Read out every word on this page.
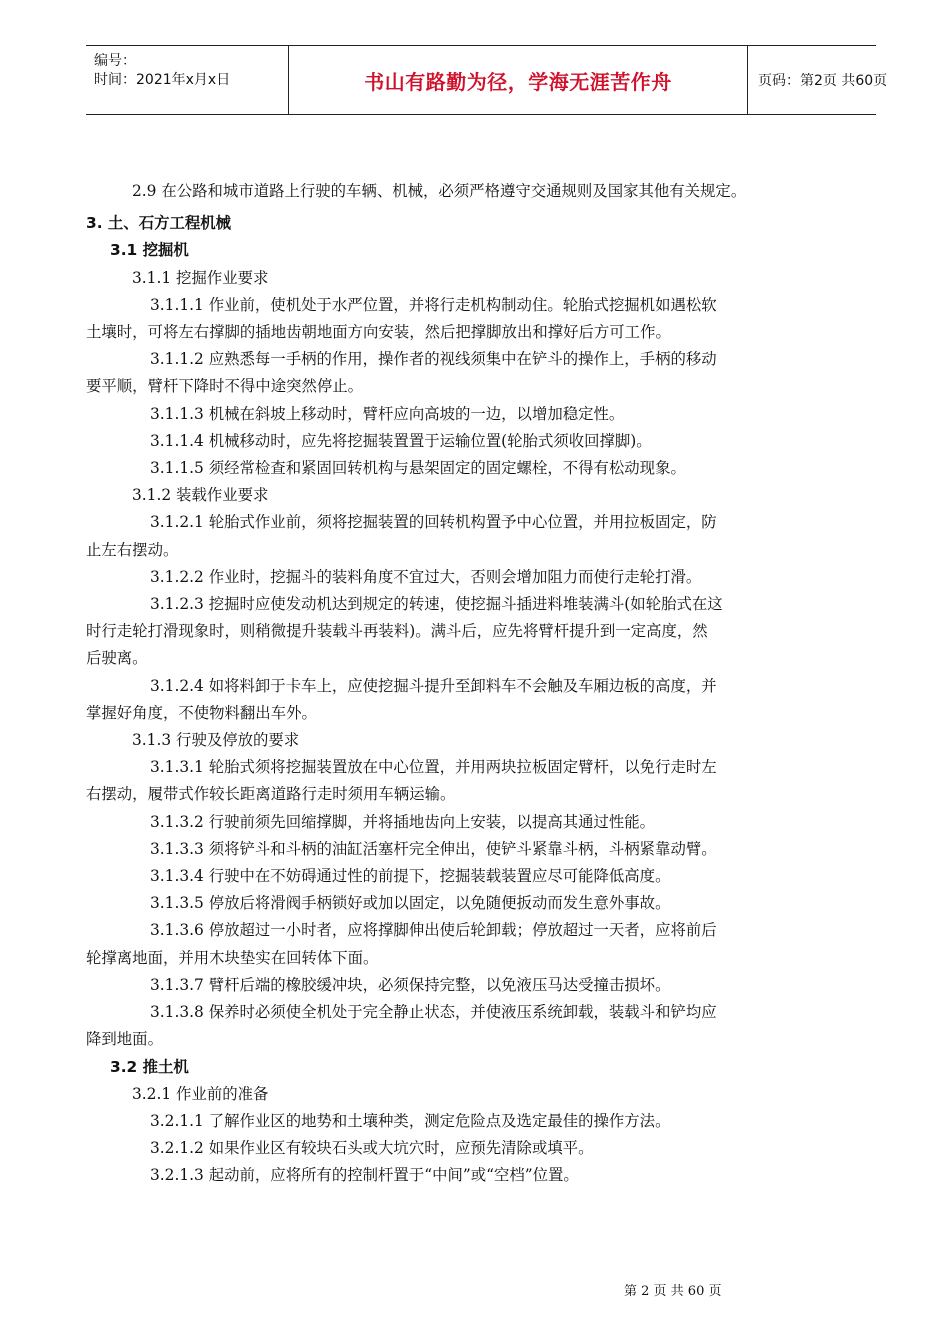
编号：
时间：2021年x月x日	书山有路勤为径，学海无涯苦作舟	页码：第2页 共60页
2.9 在公路和城市道路上行驶的车辆、机械，必须严格遵守交通规则及国家其他有关规定。
3. 土、石方工程机械
3.1 挖掘机
3.1.1 挖掘作业要求
3.1.1.1 作业前，使机处于水严位置，并将行走机构制动住。轮胎式挖掘机如遇松软
土壤时，可将左右撑脚的插地齿朝地面方向安装，然后把撑脚放出和撑好后方可工作。
3.1.1.2 应熟悉每一手柄的作用，操作者的视线须集中在铲斗的操作上，手柄的移动
要平顺，臂杆下降时不得中途突然停止。
3.1.1.3 机械在斜坡上移动时，臂杆应向高坡的一边，以增加稳定性。
3.1.1.4 机械移动时，应先将挖掘装置置于运输位置(轮胎式须收回撑脚)。
3.1.1.5 须经常检查和紧固回转机构与悬架固定的固定螺栓，不得有松动现象。
3.1.2 装载作业要求
3.1.2.1 轮胎式作业前，须将挖掘装置的回转机构置予中心位置，并用拉板固定，防
止左右摆动。
3.1.2.2 作业时，挖掘斗的装料角度不宜过大，否则会增加阻力而使行走轮打滑。
3.1.2.3 挖掘时应使发动机达到规定的转速，使挖掘斗插进料堆装满斗(如轮胎式在这
时行走轮打滑现象时，则稍微提升装载斗再装料)。满斗后，应先将臂杆提升到一定高度，然
后驶离。
3.1.2.4 如将料卸于卡车上，应使挖掘斗提升至卸料车不会触及车厢边板的高度，并
掌握好角度，不使物料翻出车外。
3.1.3 行驶及停放的要求
3.1.3.1 轮胎式须将挖掘装置放在中心位置，并用两块拉板固定臂杆，以免行走时左
右摆动，履带式作较长距离道路行走时须用车辆运输。
3.1.3.2 行驶前须先回缩撑脚，并将插地齿向上安装，以提高其通过性能。
3.1.3.3 须将铲斗和斗柄的油缸活塞杆完全伸出，使铲斗紧靠斗柄，斗柄紧靠动臂。
3.1.3.4 行驶中在不妨碍通过性的前提下，挖掘装载装置应尽可能降低高度。
3.1.3.5 停放后将滑阀手柄锁好或加以固定，以免随便扳动而发生意外事故。
3.1.3.6 停放超过一小时者，应将撑脚伸出使后轮卸载；停放超过一天者，应将前后
轮撑离地面，并用木块垫实在回转体下面。
3.1.3.7 臂杆后端的橡胶缓冲块，必须保持完整，以免液压马达受撞击损坏。
3.1.3.8 保养时必须使全机处于完全静止状态，并使液压系统卸载，装载斗和铲均应
降到地面。
3.2 推土机
3.2.1 作业前的准备
3.2.1.1 了解作业区的地势和土壤种类，测定危险点及选定最佳的操作方法。
3.2.1.2 如果作业区有较块石头或大坑穴时，应预先清除或填平。
3.2.1.3 起动前，应将所有的控制杆置于“中间”或“空档”位置。
第 2 页 共 60 页
